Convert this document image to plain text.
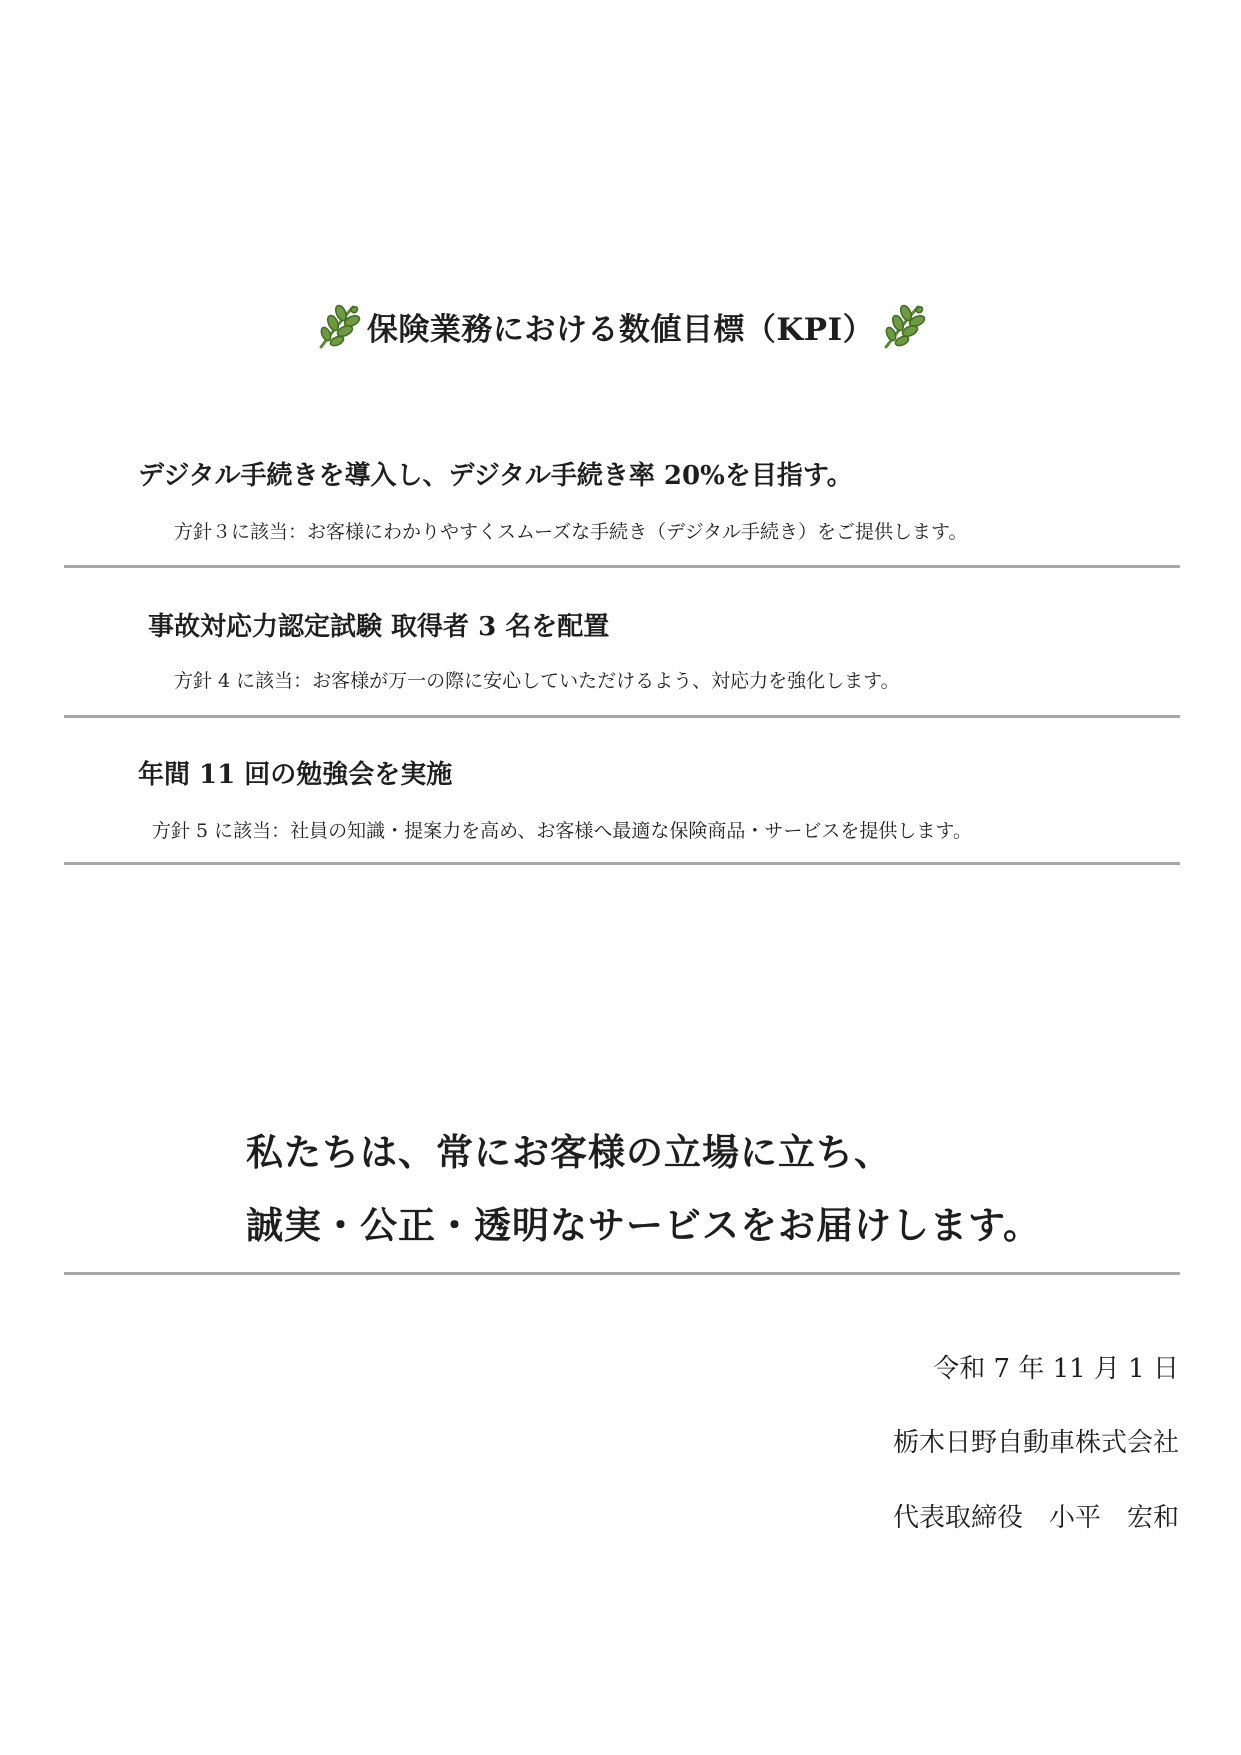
保険業務における数値目標（KPI）
デジタル手続きを導入し、デジタル手続き率 20%を目指す。
方針３に該当：お客様にわかりやすくスムーズな手続き（デジタル手続き）をご提供します。
事故対応力認定試験 取得者 3 名を配置
方針 4 に該当：お客様が万一の際に安心していただけるよう、対応力を強化します。
年間 11 回の勉強会を実施
方針 5 に該当：社員の知識・提案力を高め、お客様へ最適な保険商品・サービスを提供します。
私たちは、常にお客様の立場に立ち、
誠実・公正・透明なサービスをお届けします。
令和 7 年 11 月 1 日
栃木日野自動車株式会社
代表取締役　小平　宏和
